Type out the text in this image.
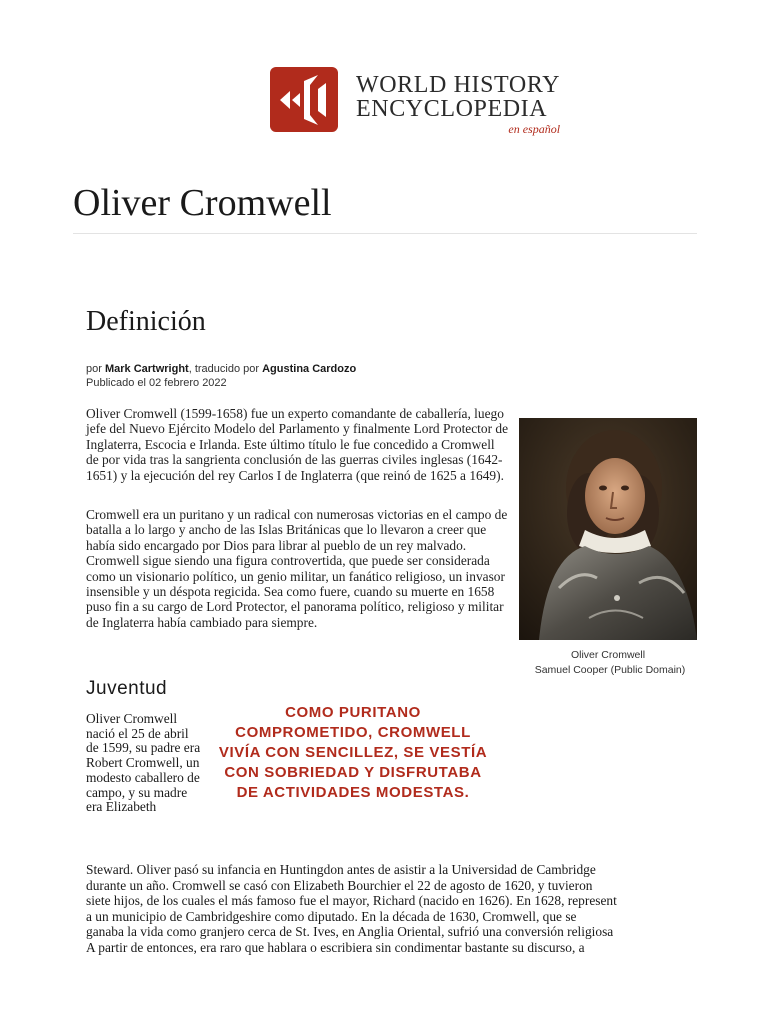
WORLD HISTORY
ENCYCLOPEDIA
en español
Oliver Cromwell
Definición
por Mark Cartwright, traducido por Agustina Cardozo
Publicado el 02 febrero 2022

Oliver Cromwell (1599-1658) fue un experto comandante de caballería, luego jefe del Nuevo Ejército Modelo del Parlamento y finalmente Lord Protector de Inglaterra, Escocia e Irlanda. Este último título le fue concedido a Cromwell de por vida tras la sangrienta conclusión de las guerras civiles inglesas (1642-1651) y la ejecución del rey Carlos I de Inglaterra (que reinó de 1625 a 1649).

Cromwell era un puritano y un radical con numerosas victorias en el campo de batalla a lo largo y ancho de las Islas Británicas que lo llevaron a creer que había sido encargado por Dios para librar al pueblo de un rey malvado. Cromwell sigue siendo una figura controvertida, que puede ser considerada como un visionario político, un genio militar, un fanático religioso, un invasor insensible y un déspota regicida. Sea como fuere, cuando su muerte en 1658 puso fin a su cargo de Lord Protector, el panorama político, religioso y militar de Inglaterra había cambiado para siempre.

Oliver Cromwell
Samuel Cooper (Public Domain)
Juventud

COMO PURITANO COMPROMETIDO, CROMWELL VIVÍA CON SENCILLEZ, SE VESTÍA CON SOBRIEDAD Y DISFRUTABA DE ACTIVIDADES MODESTAS.

Oliver Cromwell nació el 25 de abril de 1599, su padre era Robert Cromwell, un modesto caballero de campo, y su madre era Elizabeth

Steward. Oliver pasó su infancia en Huntingdon antes de asistir a la Universidad de Cambridge
durante un año. Cromwell se casó con Elizabeth Bourchier el 22 de agosto de 1620, y tuvieron
siete hijos, de los cuales el más famoso fue el mayor, Richard (nacido en 1626). En 1628, represent
a un municipio de Cambridgeshire como diputado. En la década de 1630, Cromwell, que se
ganaba la vida como granjero cerca de St. Ives, en Anglia Oriental, sufrió una conversión religiosa
A partir de entonces, era raro que hablara o escribiera sin condimentar bastante su discurso, a
